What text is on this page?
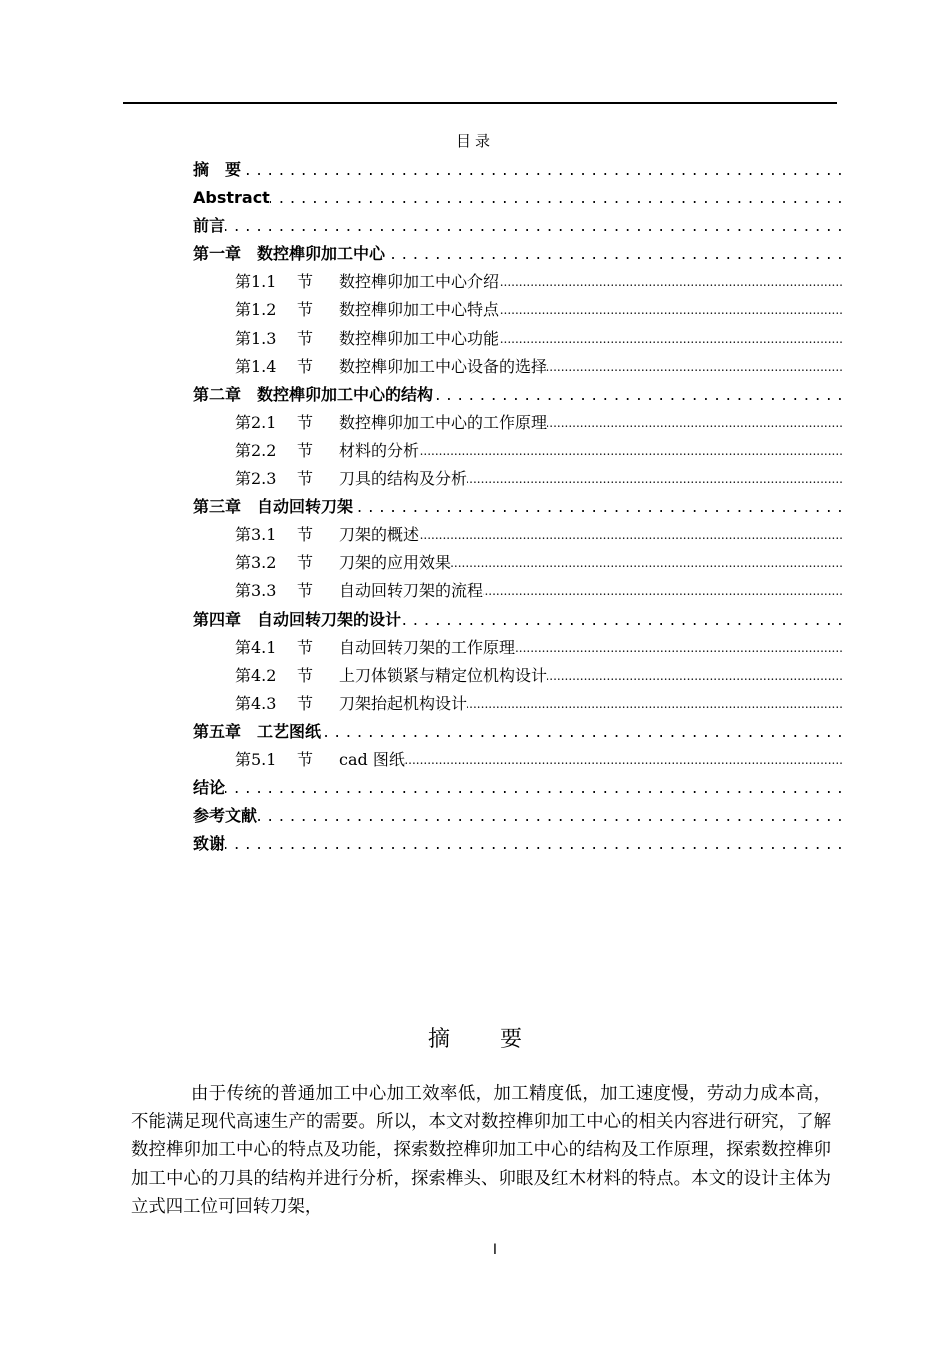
目录
. . .
摘　要
. . .
Abstract
. . .
前言
. . .
第一章　数控榫卯加工中心
.....
第1.1 节 数控榫卯加工中心介绍
.....
第1.2 节 数控榫卯加工中心特点
.....
第1.3 节 数控榫卯加工中心功能
.....
第1.4 节 数控榫卯加工中心设备的选择
. . .
第二章　数控榫卯加工中心的结构
.....
第2.1 节 数控榫卯加工中心的工作原理
.....
第2.2 节 材料的分析
.....
第2.3 节 刀具的结构及分析
. . .
第三章　自动回转刀架
.....
第3.1 节 刀架的概述
.....
第3.2 节 刀架的应用效果
.....
第3.3 节 自动回转刀架的流程
. . .
第四章　自动回转刀架的设计
.....
第4.1 节 自动回转刀架的工作原理
.....
第4.2 节 上刀体锁紧与精定位机构设计
.....
第4.3 节 刀架抬起机构设计
. . .
第五章　工艺图纸
.....
第5.1 节 cad 图纸
. . .
结论
. . .
参考文献
. . .
致谢
摘要
由于传统的普通加工中心加工效率低，加工精度低，加工速度慢，劳动力成本高，不能满足现代高速生产的需要。所以，本文对数控榫卯加工中心的相关内容进行研究，了解数控榫卯加工中心的特点及功能，探索数控榫卯加工中心的结构及工作原理，探索数控榫卯加工中心的刀具的结构并进行分析，探索榫头、卯眼及红木材料的特点。本文的设计主体为立式四工位可回转刀架，
I
